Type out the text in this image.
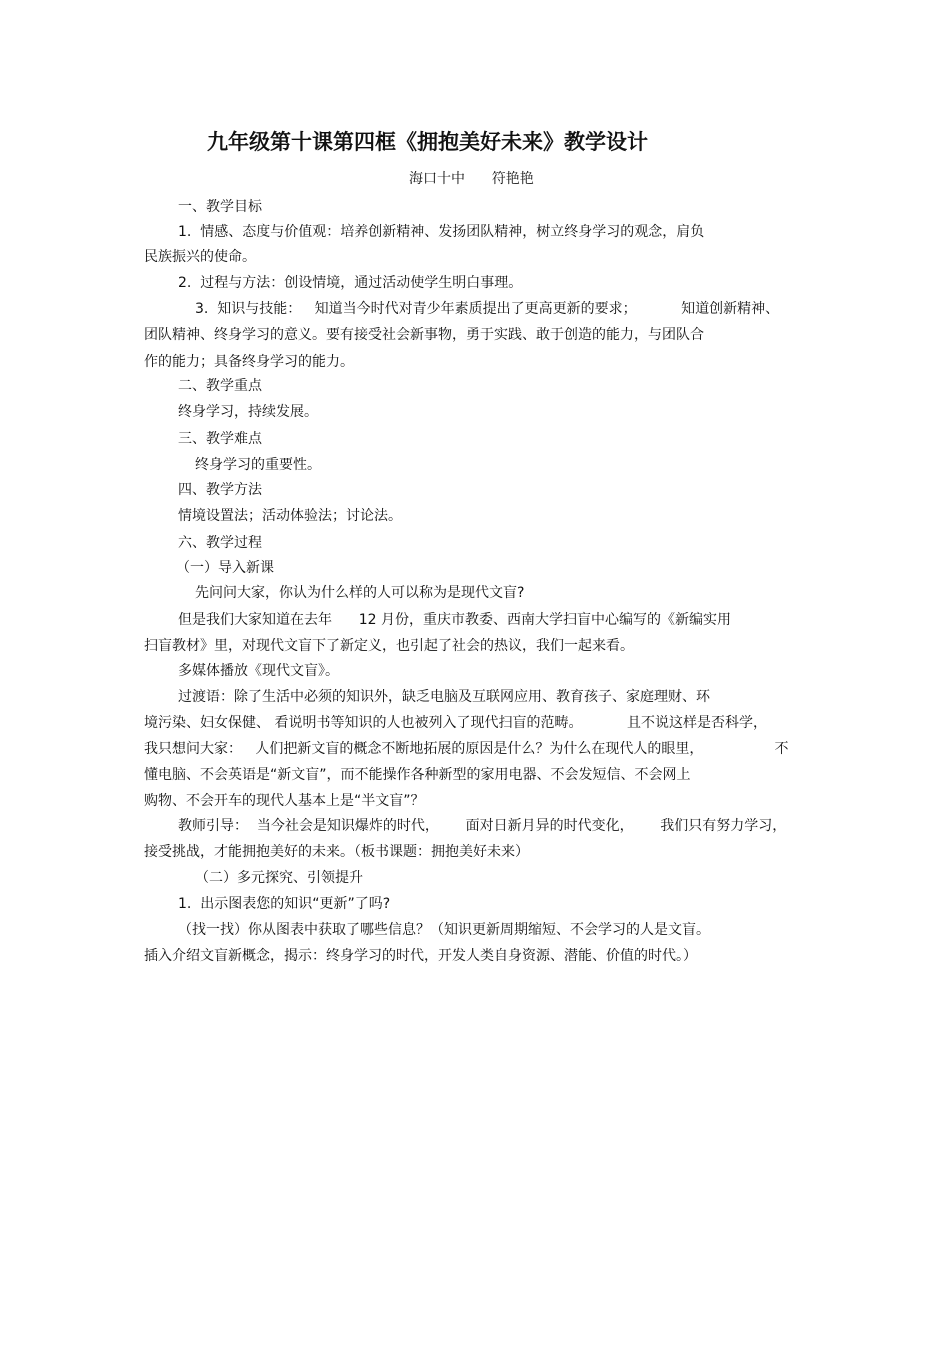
九年级第十课第四框《拥抱美好未来》教学设计

海口十中      符艳艳

一、教学目标

1.  情感、态度与价值观：培养创新精神、发扬团队精神，树立终身学习的观念，肩负

民族振兴的使命。

2.  过程与方法：创设情境，通过活动使学生明白事理。

3.  知识与技能：   知道当今时代对青少年素质提出了更高更新的要求；          知道创新精神、

团队精神、终身学习的意义。要有接受社会新事物，勇于实践、敢于创造的能力，与团队合

作的能力；具备终身学习的能力。

二、教学重点

终身学习，持续发展。

三、教学难点

终身学习的重要性。

四、教学方法

情境设置法；活动体验法；讨论法。

六、教学过程

（一）导入新课

先问问大家，你认为什么样的人可以称为是现代文盲?

但是我们大家知道在去年      12 月份，重庆市教委、西南大学扫盲中心编写的《新编实用

扫盲教材》里，对现代文盲下了新定义，也引起了社会的热议，我们一起来看。

多媒体播放《现代文盲》。

过渡语：除了生活中必须的知识外，缺乏电脑及互联网应用、教育孩子、家庭理财、环

境污染、妇女保健、 看说明书等知识的人也被列入了现代扫盲的范畴。          且不说这样是否科学，

我只想问大家：   人们把新文盲的概念不断地拓展的原因是什么？为什么在现代人的眼里，                不

懂电脑、不会英语是“新文盲”，而不能操作各种新型的家用电器、不会发短信、不会网上

购物、不会开车的现代人基本上是“半文盲”？

教师引导：  当今社会是知识爆炸的时代，      面对日新月异的时代变化，      我们只有努力学习，

接受挑战，才能拥抱美好的未来。（板书课题：拥抱美好未来）

（二）多元探究、引领提升

1.  出示图表您的知识“更新”了吗?

（找一找）你从图表中获取了哪些信息？（知识更新周期缩短、不会学习的人是文盲。

插入介绍文盲新概念，揭示：终身学习的时代，开发人类自身资源、潜能、价值的时代。）
